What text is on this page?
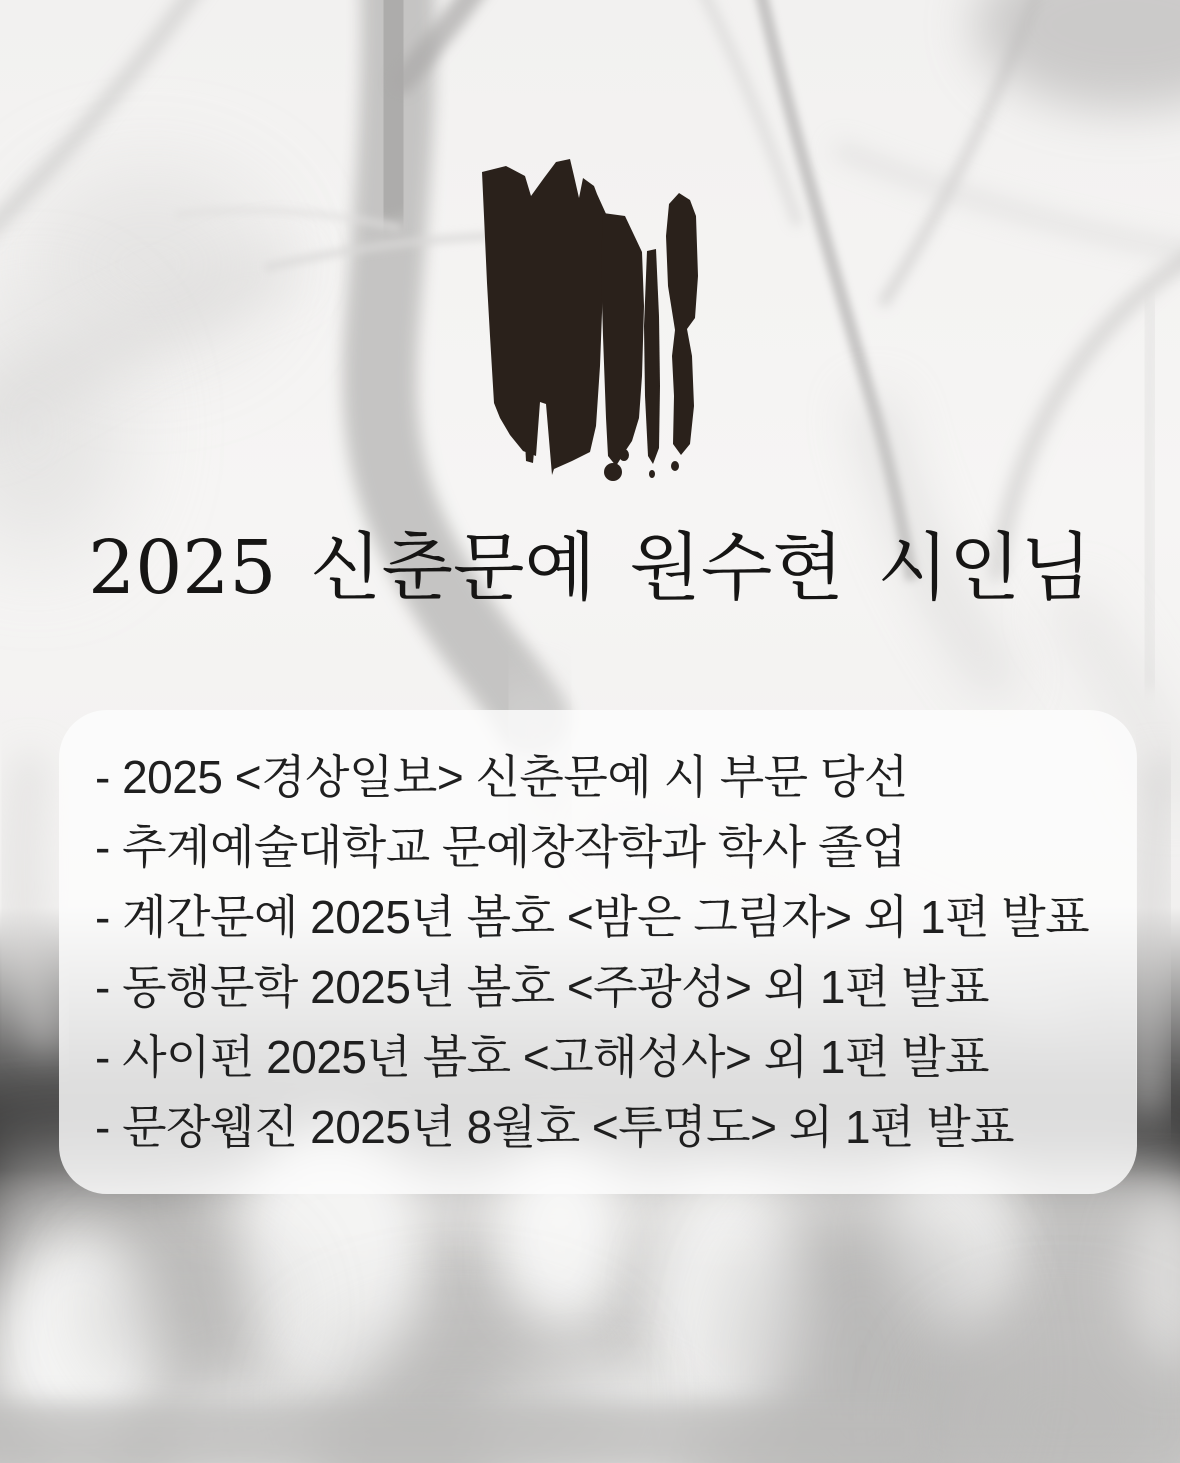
2025 신춘문예 원수현 시인님
- 2025 <경상일보> 신춘문예 시 부문 당선
- 추계예술대학교 문예창작학과 학사 졸업
- 계간문예 2025년 봄호 <밤은 그림자> 외 1편 발표
- 동행문학 2025년 봄호 <주광성> 외 1편 발표
- 사이펀 2025년 봄호 <고해성사> 외 1편 발표
- 문장웹진 2025년 8월호 <투명도> 외 1편 발표
